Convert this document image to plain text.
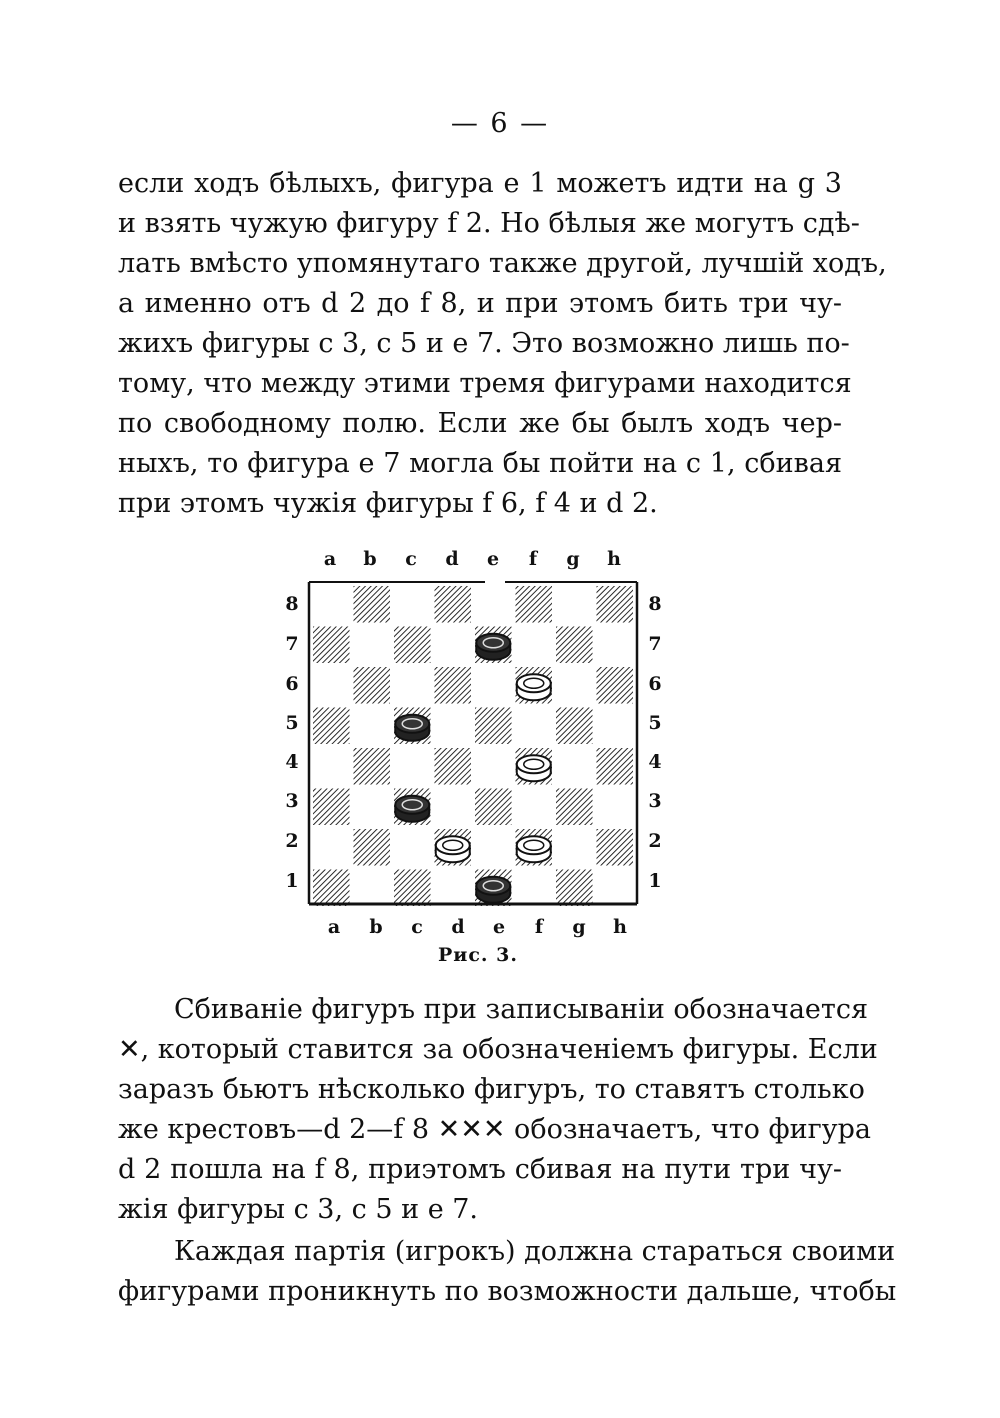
— 6 —
если ходъ бѣлыхъ, фигура e 1 можетъ идти на g 3
и взять чужую фигуру f 2. Но бѣлыя же могутъ сдѣ-
лать вмѣсто упомянутаго также другой, лучшій ходъ,
а именно отъ d 2 до f 8, и при этомъ бить три чу-
жихъ фигуры c 3, c 5 и e 7. Это возможно лишь по-
тому, что между этими тремя фигурами находится
по свободному полю. Если же бы былъ ходъ чер-
ныхъ, то фигура e 7 могла бы пойти на c 1, сбивая
при этомъ чужія фигуры f 6, f 4 и d 2.
a	b	c	d	e	f	g h
a	b	c	d	e	f	g h
8
7
6
5
4
3
2
1
8
7
6
5
4
3
2
1
Рис. 3.
Сбиваніе фигуръ при записываніи обозначается
✕, который ставится за обозначеніемъ фигуры. Если
заразъ бьютъ нѣсколько фигуръ, то ставятъ столько
же крестовъ—d 2—f 8 ✕✕✕ обозначаетъ, что фигура
d 2 пошла на f 8, приэтомъ сбивая на пути три чу-
жія фигуры c 3, c 5 и e 7.
Каждая партія (игрокъ) должна стараться своими
фигурами проникнуть по возможности дальше, чтобы
